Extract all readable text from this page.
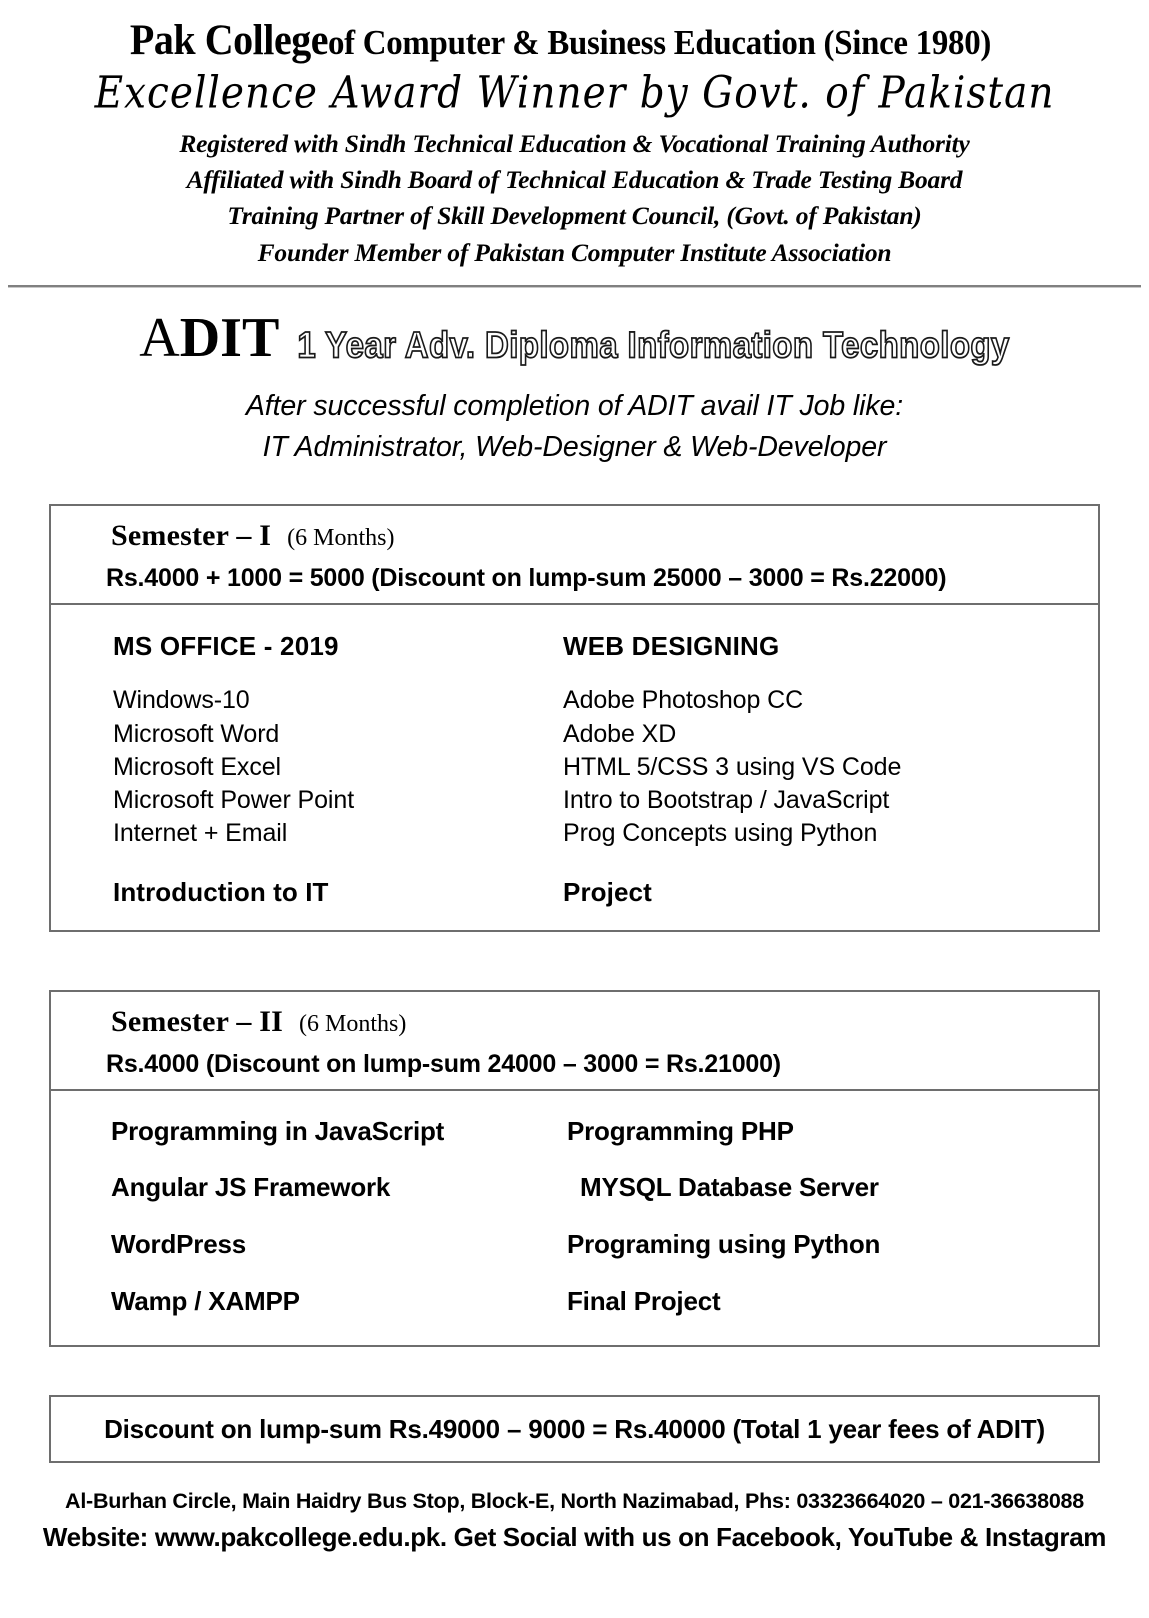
Pak Collegeof Computer & Business Education (Since 1980)
Excellence Award Winner by Govt. of Pakistan
Registered with Sindh Technical Education & Vocational Training Authority
Affiliated with Sindh Board of Technical Education & Trade Testing Board
Training Partner of Skill Development Council, (Govt. of Pakistan)
Founder Member of Pakistan Computer Institute Association
ADIT 1 Year Adv. Diploma Information Technology
After successful completion of ADIT avail IT Job like:
IT Administrator, Web-Designer & Web-Developer
Semester – I (6 Months)
Rs.4000 + 1000 = 5000 (Discount on lump-sum 25000 – 3000 = Rs.22000)
MS OFFICE - 2019
Windows-10
Microsoft Word
Microsoft Excel
Microsoft Power Point
Internet + Email
Introduction to IT
WEB DESIGNING
Adobe Photoshop CC
Adobe XD
HTML 5/CSS 3 using VS Code
Intro to Bootstrap / JavaScript
Prog Concepts using Python
Project
Semester – II (6 Months)
Rs.4000 (Discount on lump-sum 24000 – 3000 = Rs.21000)
Programming in JavaScript
Angular JS Framework
WordPress
Wamp / XAMPP
Programming PHP
MYSQL Database Server
Programing using Python
Final Project
Discount on lump-sum Rs.49000 – 9000 = Rs.40000 (Total 1 year fees of ADIT)
Al-Burhan Circle, Main Haidry Bus Stop, Block-E, North Nazimabad, Phs: 03323664020 – 021-36638088
Website: www.pakcollege.edu.pk. Get Social with us on Facebook, YouTube & Instagram
